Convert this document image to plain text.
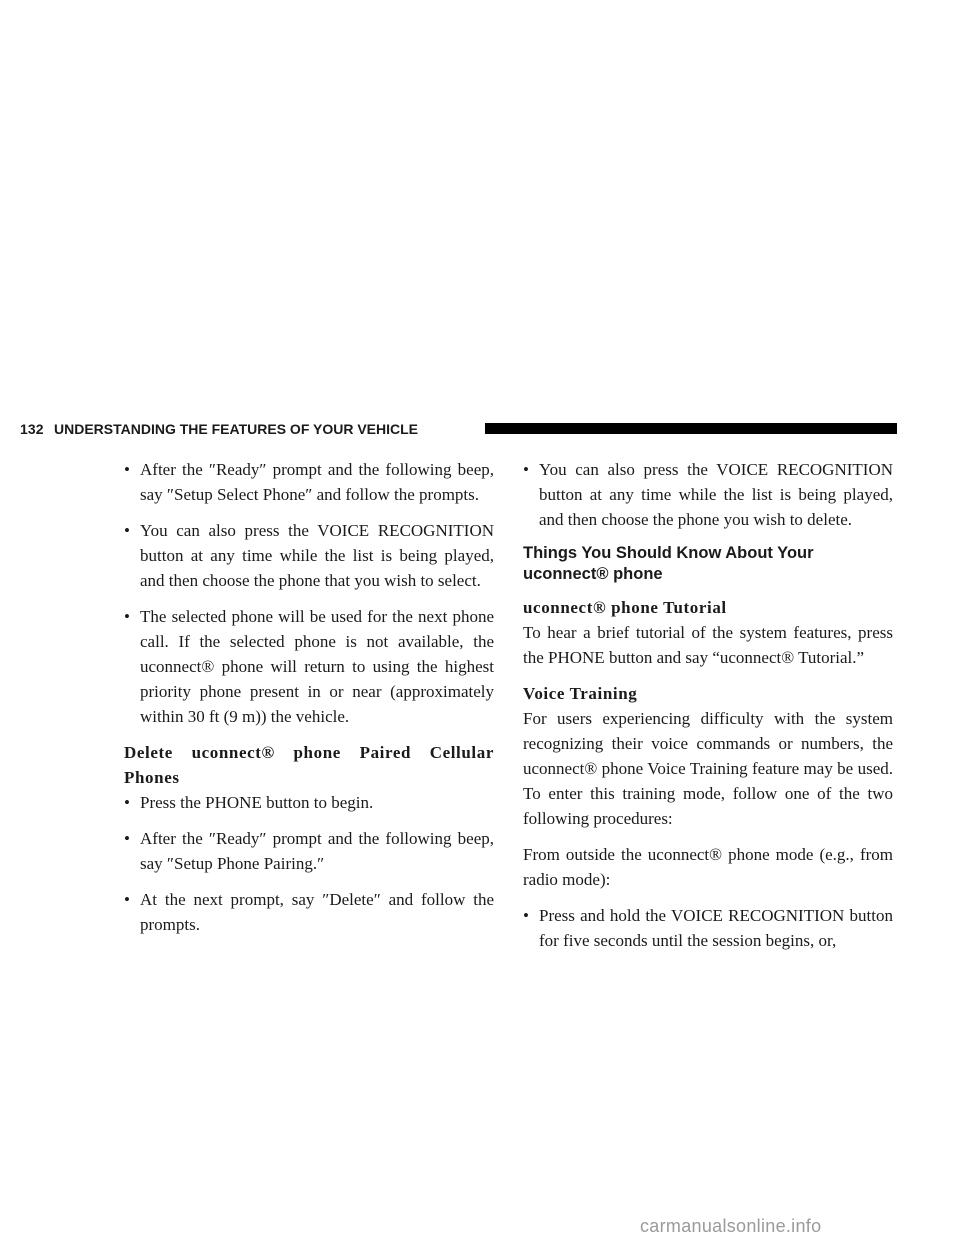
132 UNDERSTANDING THE FEATURES OF YOUR VEHICLE
• After the ″Ready″ prompt and the following beep, say ″Setup Select Phone″ and follow the prompts.
• You can also press the VOICE RECOGNITION button at any time while the list is being played, and then choose the phone that you wish to select.
• The selected phone will be used for the next phone call. If the selected phone is not available, the uconnect® phone will return to using the highest priority phone present in or near (approximately within 30 ft (9 m)) the vehicle.

Delete uconnect® phone Paired Cellular Phones

• Press the PHONE button to begin.
• After the ″Ready″ prompt and the following beep, say ″Setup Phone Pairing.″
• At the next prompt, say ″Delete″ and follow the prompts.
• You can also press the VOICE RECOGNITION button at any time while the list is being played, and then choose the phone you wish to delete.
Things You Should Know About Your uconnect® phone

uconnect® phone Tutorial

To hear a brief tutorial of the system features, press the PHONE button and say “uconnect® Tutorial.”

Voice Training

For users experiencing difficulty with the system recognizing their voice commands or numbers, the uconnect® phone Voice Training feature may be used. To enter this training mode, follow one of the two following procedures:

From outside the uconnect® phone mode (e.g., from radio mode):

• Press and hold the VOICE RECOGNITION button for five seconds until the session begins, or,
carmanualsonline.info
